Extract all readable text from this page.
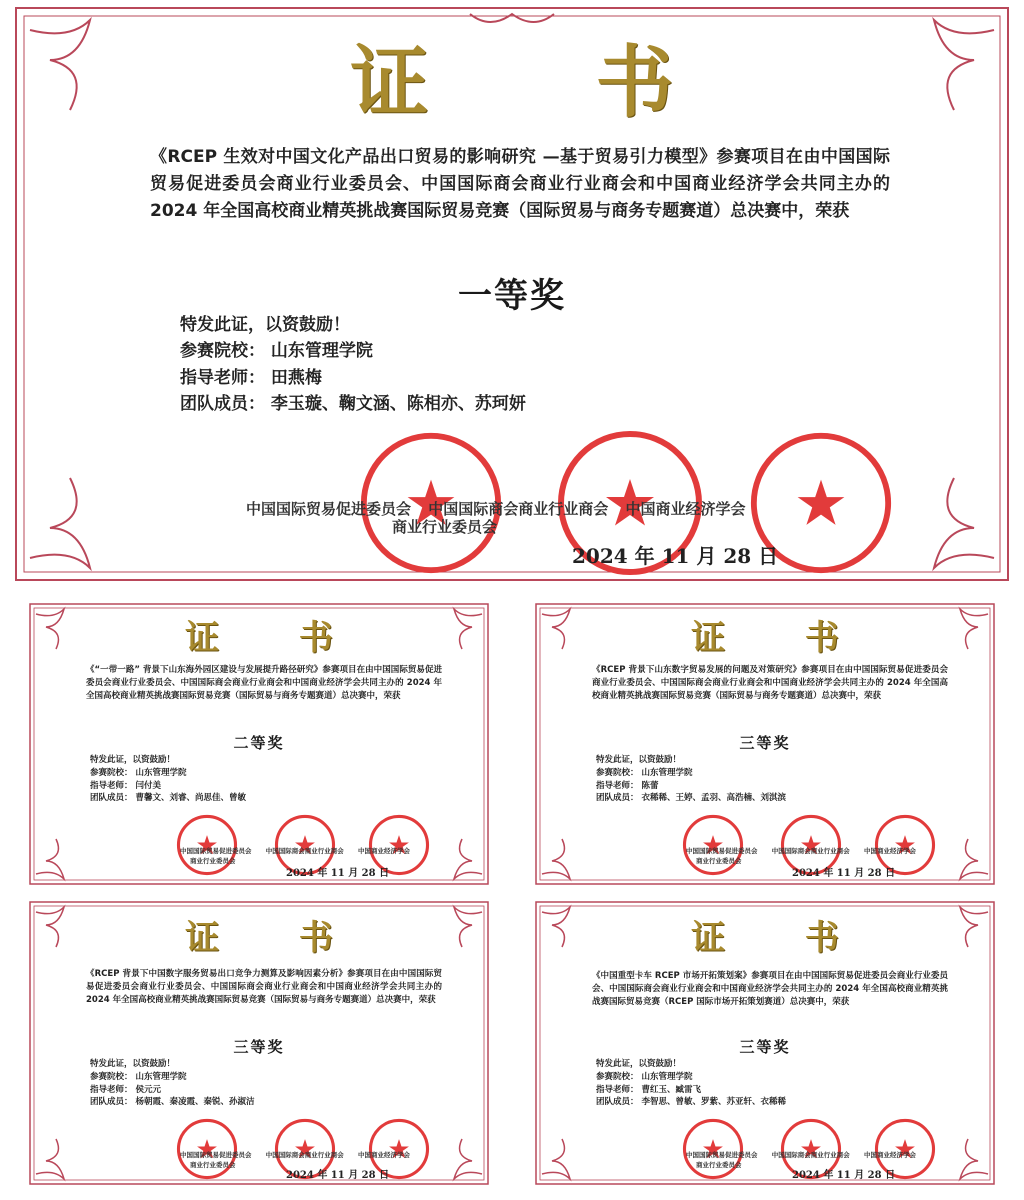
证 书
《RCEP 生效对中国文化产品出口贸易的影响研究 —基于贸易引力模型》参赛项目在由中国国际贸易促进委员会商业行业委员会、中国国际商会商业行业商会和中国商业经济学会共同主办的 2024 年全国高校商业精英挑战赛国际贸易竞赛（国际贸易与商务专题赛道）总决赛中，荣获
一等奖
特发此证，以资鼓励！
参赛院校： 山东管理学院
指导老师： 田燕梅
团队成员： 李玉璇、鞠文涵、陈相亦、苏珂妍
中国国际贸易促进委员会 中国国际商会商业行业商会 中国商业经济学会
商业行业委员会
2024 年 11 月 28 日
证 书
《“一带一路” 背景下山东海外园区建设与发展提升路径研究》参赛项目在由中国国际贸易促进委员会商业行业委员会、中国国际商会商业行业商会和中国商业经济学会共同主办的 2024 年全国高校商业精英挑战赛国际贸易竞赛（国际贸易与商务专题赛道）总决赛中，荣获
二等奖
特发此证，以资鼓励！
参赛院校： 山东管理学院
指导老师： 闫付美
团队成员： 曹馨文、刘睿、尚思佳、曾敏
中国国际贸易促进委员会 中国国际商会商业行业商会 中国商业经济学会
商业行业委员会
2024 年 11 月 28 日
证 书
《RCEP 背景下山东数字贸易发展的问题及对策研究》参赛项目在由中国国际贸易促进委员会商业行业委员会、中国国际商会商业行业商会和中国商业经济学会共同主办的 2024 年全国高校商业精英挑战赛国际贸易竞赛（国际贸易与商务专题赛道）总决赛中，荣获
三等奖
特发此证，以资鼓励！
参赛院校： 山东管理学院
指导老师： 陈蕾
团队成员： 衣稀稀、王婷、孟羽、高浩楠、刘淇滨
中国国际贸易促进委员会 中国国际商会商业行业商会 中国商业经济学会
商业行业委员会
2024 年 11 月 28 日
证 书
《RCEP 背景下中国数字服务贸易出口竞争力测算及影响因素分析》参赛项目在由中国国际贸易促进委员会商业行业委员会、中国国际商会商业行业商会和中国商业经济学会共同主办的 2024 年全国高校商业精英挑战赛国际贸易竞赛（国际贸易与商务专题赛道）总决赛中，荣获
三等奖
特发此证，以资鼓励！
参赛院校： 山东管理学院
指导老师： 侯元元
团队成员： 杨朝霞、秦凌霞、秦锐、孙淑洁
中国国际贸易促进委员会 中国国际商会商业行业商会 中国商业经济学会
商业行业委员会
2024 年 11 月 28 日
证 书
《中国重型卡车 RCEP 市场开拓策划案》参赛项目在由中国国际贸易促进委员会商业行业委员会、中国国际商会商业行业商会和中国商业经济学会共同主办的 2024 年全国高校商业精英挑战赛国际贸易竞赛（RCEP 国际市场开拓策划赛道）总决赛中，荣获
三等奖
特发此证，以资鼓励！
参赛院校： 山东管理学院
指导老师： 曹红玉、臧雷飞
团队成员： 李智思、曾敏、罗紫、苏亚轩、衣稀稀
中国国际贸易促进委员会 中国国际商会商业行业商会 中国商业经济学会
商业行业委员会
2024 年 11 月 28 日
